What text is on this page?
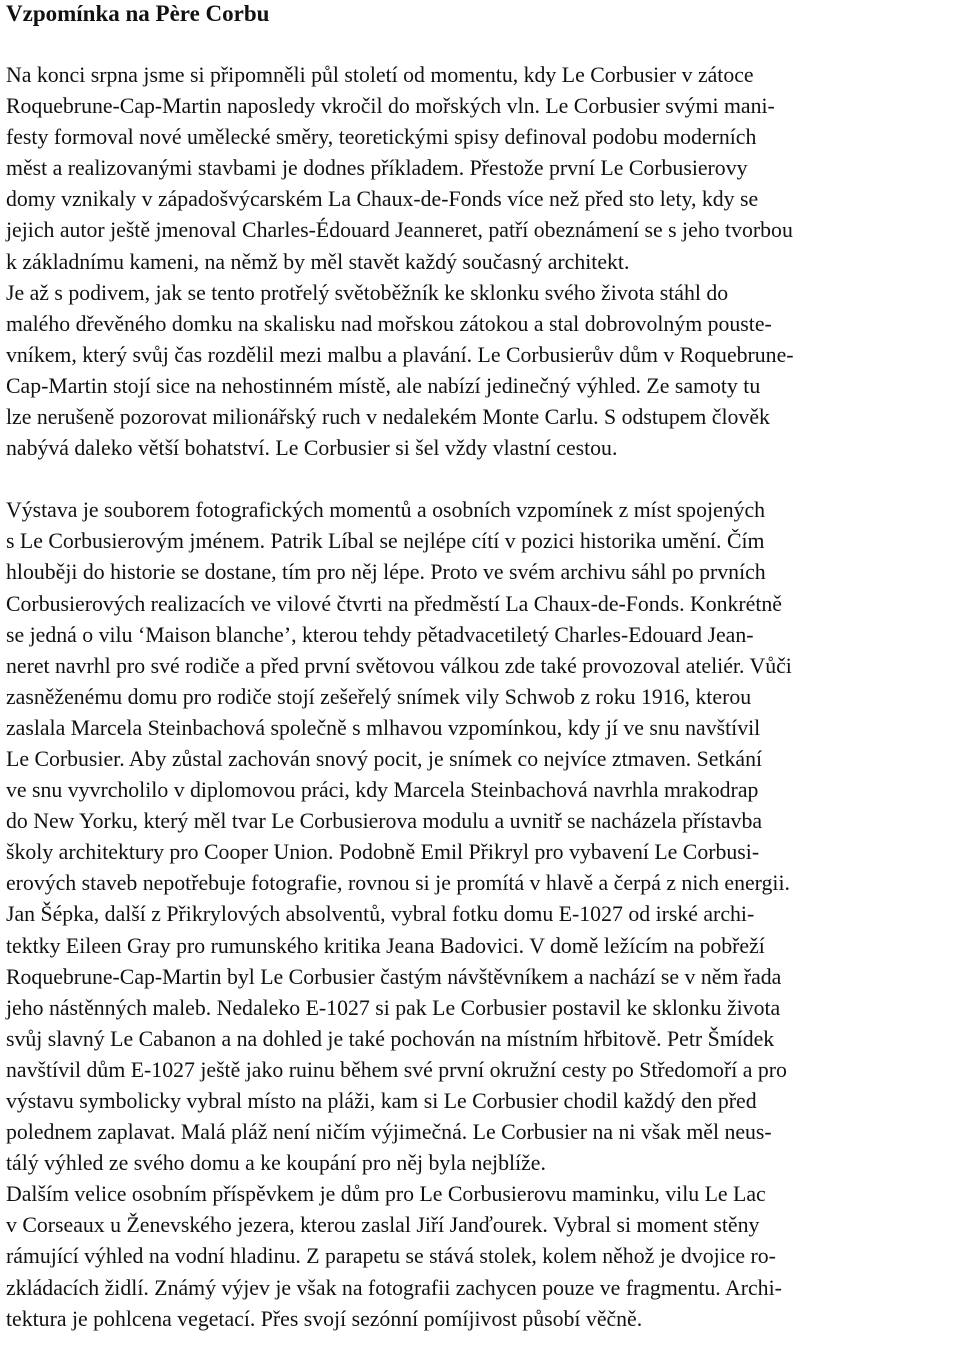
Vzpomínka na Père Corbu
Na konci srpna jsme si připomněli půl století od momentu, kdy Le Corbusier v zátoce
Roquebrune-Cap-Martin naposledy vkročil do mořských vln. Le Corbusier svými mani-
festy formoval nové umělecké směry, teoretickými spisy definoval podobu moderních
měst a realizovanými stavbami je dodnes příkladem. Přestože první Le Corbusierovy
domy vznikaly v západošvýcarském La Chaux-de-Fonds více než před sto lety, kdy se
jejich autor ještě jmenoval Charles-Édouard Jeanneret, patří obeznámení se s jeho tvorbou
k základnímu kameni, na němž by měl stavět každý současný architekt.
Je až s podivem, jak se tento protřelý světoběžník ke sklonku svého života stáhl do
malého dřevěného domku na skalisku nad mořskou zátokou a stal dobrovolným pouste-
vníkem, který svůj čas rozdělil mezi malbu a plavání. Le Corbusierův dům v Roquebrune-
Cap-Martin stojí sice na nehostinném místě, ale nabízí jedinečný výhled. Ze samoty tu
lze nerušeně pozorovat milionářský ruch v nedalekém Monte Carlu. S odstupem člověk
nabývá daleko větší bohatství. Le Corbusier si šel vždy vlastní cestou.
Výstava je souborem fotografických momentů a osobních vzpomínek z míst spojených
s Le Corbusierovým jménem. Patrik Líbal se nejlépe cítí v pozici historika umění. Čím
hlouběji do historie se dostane, tím pro něj lépe. Proto ve svém archivu sáhl po prvních
Corbusierových realizacích ve vilové čtvrti na předměstí La Chaux-de-Fonds. Konkrétně
se jedná o vilu ‘Maison blanche’, kterou tehdy pětadvacetiletý Charles-Edouard Jean-
neret navrhl pro své rodiče a před první světovou válkou zde také provozoval ateliér. Vůči
zasněženému domu pro rodiče stojí zešeřelý snímek vily Schwob z roku 1916, kterou
zaslala Marcela Steinbachová společně s mlhavou vzpomínkou, kdy jí ve snu navštívil
Le Corbusier. Aby zůstal zachován snový pocit, je snímek co nejvíce ztmaven. Setkání
ve snu vyvrcholilo v diplomovou práci, kdy Marcela Steinbachová navrhla mrakodrap
do New Yorku, který měl tvar Le Corbusierova modulu a uvnitř se nacházela přístavba
školy architektury pro Cooper Union. Podobně Emil Přikryl pro vybavení Le Corbusi-
erových staveb nepotřebuje fotografie, rovnou si je promítá v hlavě a čerpá z nich energii.
Jan Šépka, další z Přikrylových absolventů, vybral fotku domu E-1027 od irské archi-
tektky Eileen Gray pro rumunského kritika Jeana Badovici. V domě ležícím na pobřeží
Roquebrune-Cap-Martin byl Le Corbusier častým návštěvníkem a nachází se v něm řada
jeho nástěnných maleb. Nedaleko E-1027 si pak Le Corbusier postavil ke sklonku života
svůj slavný Le Cabanon a na dohled je také pochován na místním hřbitově. Petr Šmídek
navštívil dům E-1027 ještě jako ruinu během své první okružní cesty po Středomoří a pro
výstavu symbolicky vybral místo na pláži, kam si Le Corbusier chodil každý den před
polednem zaplavat. Malá pláž není ničím výjimečná. Le Corbusier na ni však měl neus-
tálý výhled ze svého domu a ke koupání pro něj byla nejblíže.
Dalším velice osobním příspěvkem je dům pro Le Corbusierovu maminku, vilu Le Lac
v Corseaux u Ženevského jezera, kterou zaslal Jiří Janďourek. Vybral si moment stěny
rámující výhled na vodní hladinu. Z parapetu se stává stolek, kolem něhož je dvojice ro-
zkládacích židlí. Známý výjev je však na fotografii zachycen pouze ve fragmentu. Archi-
tektura je pohlcena vegetací. Přes svojí sezónní pomíjivost působí věčně.
